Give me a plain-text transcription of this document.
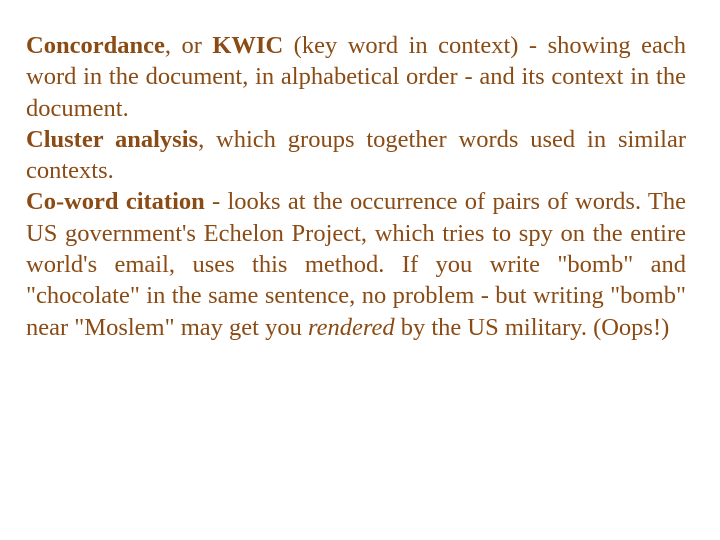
Concordance, or KWIC (key word in context) - showing each word in the document, in alphabetical order - and its context in the document.

Cluster analysis, which groups together words used in similar contexts.

Co-word citation - looks at the occurrence of pairs of words. The US government's Echelon Project, which tries to spy on the entire world's email, uses this method. If you write "bomb" and "chocolate" in the same sentence, no problem - but writing "bomb" near "Moslem" may get you rendered by the US military. (Oops!)
